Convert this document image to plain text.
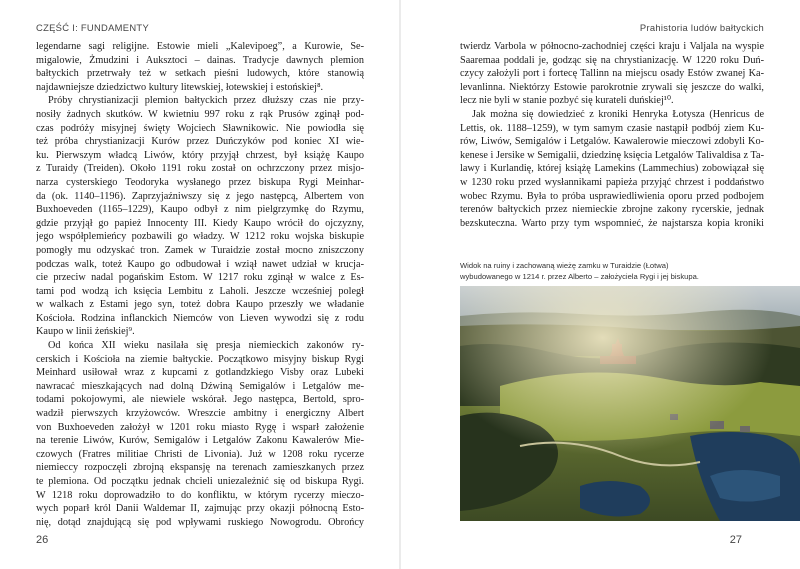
CZĘŚĆ I: FUNDAMENTY
legendarne sagi religijne. Estowie mieli „Kalevipoeg”, a Kurowie, Se-
migalowie, Żmudzini i Auksztoci – dainas. Tradycje dawnych plemion
bałtyckich przetrwały też w setkach pieśni ludowych, które stanowią
najdawniejsze dziedzictwo kultury litewskiej, łotewskiej i estońskiej⁸.
Próby chrystianizacji plemion bałtyckich przez dłuższy czas nie przy-
nosiły żadnych skutków. W kwietniu 997 roku z rąk Prusów zginął pod-
czas podróży misyjnej święty Wojciech Sławnikowic. Nie powiodła się
też próba chrystianizacji Kurów przez Duńczyków pod koniec XI wie-
ku. Pierwszym władcą Liwów, który przyjął chrzest, był książę Kaupo
z Turaidy (Treiden). Około 1191 roku został on ochrzczony przez misjo-
narza cysterskiego Teodoryka wysłanego przez biskupa Rygi Meinhar-
da (ok. 1140–1196). Zaprzyjaźniwszy się z jego następcą, Albertem von
Buxhoeveden (1165–1229), Kaupo odbył z nim pielgrzymkę do Rzymu,
gdzie przyjął go papież Innocenty III. Kiedy Kaupo wrócił do ojczyzny,
jego współplemieńcy pozbawili go władzy. W 1212 roku wojska biskupie
pomogły mu odzyskać tron. Zamek w Turaidzie został mocno zniszczony
podczas walk, toteż Kaupo go odbudował i wziął nawet udział w krucja-
cie przeciw nadal pogańskim Estom. W 1217 roku zginął w walce z Es-
tami pod wodzą ich księcia Lembitu z Laholi. Jeszcze wcześniej poległ
w walkach z Estami jego syn, toteż dobra Kaupo przeszły we władanie
Kościoła. Rodzina inflanckich Niemców von Lieven wywodzi się z rodu
Kaupo w linii żeńskiej⁹.
Od końca XII wieku nasilała się presja niemieckich zakonów ry-
cerskich i Kościoła na ziemie bałtyckie. Początkowo misyjny biskup Rygi
Meinhard usiłował wraz z kupcami z gotlandzkiego Visby oraz Lubeki
nawracać mieszkających nad dolną Dźwiną Semigalów i Letgalów me-
todami pokojowymi, ale niewiele wskórał. Jego następca, Bertold, spro-
wadził pierwszych krzyżowców. Wreszcie ambitny i energiczny Albert
von Buxhoeveden założył w 1201 roku miasto Rygę i wsparł założenie
na terenie Liwów, Kurów, Semigalów i Letgalów Zakonu Kawalerów Mie-
czowych (Fratres militiae Christi de Livonia). Już w 1208 roku rycerze
niemieccy rozpoczęli zbrojną ekspansję na terenach zamieszkanych przez
te plemiona. Od początku jednak chcieli uniezależnić się od biskupa Rygi.
W 1218 roku doprowadziło to do konfliktu, w którym rycerzy mieczo-
wych poparł król Danii Waldemar II, zajmując przy okazji północną Esto-
nię, dotąd znajdującą się pod wpływami ruskiego Nowogrodu. Obrońcy
26
Prahistoria ludów bałtyckich
twierdz Varbola w północno-zachodniej części kraju i Valjala na wyspie
Saaremaa poddali je, godząc się na chrystianizację. W 1220 roku Duń-
czycy założyli port i fortecę Tallinn na miejscu osady Estów zwanej Ka-
levanlinna. Niektórzy Estowie parokrotnie zrywali się jeszcze do walki,
lecz nie byli w stanie pozbyć się kurateli duńskiej¹⁰.
Jak można się dowiedzieć z kroniki Henryka Łotysza (Henricus de
Lettis, ok. 1188–1259), w tym samym czasie nastąpił podbój ziem Ku-
rów, Liwów, Semigalów i Letgalów. Kawalerowie mieczowi zdobyli Ko-
kenese i Jersike w Semigalii, dziedzinę księcia Letgalów Talivaldisa z Ta-
lawy i Kurlandię, której książę Lamekins (Lammechius) zobowiązał się
w 1230 roku przed wysłannikami papieża przyjąć chrzest i poddaństwo
wobec Rzymu. Była to próba usprawiedliwienia oporu przed podbojem
terenów bałtyckich przez niemieckie zbrojne zakony rycerskie, jednak
bezskuteczna. Warto przy tym wspomnieć, że najstarsza kopia kroniki
Widok na ruiny i zachowaną wieżę zamku w Turaidzie (Łotwa)
wybudowanego w 1214 r. przez Alberto – założyciela Rygi i jej biskupa.
27
